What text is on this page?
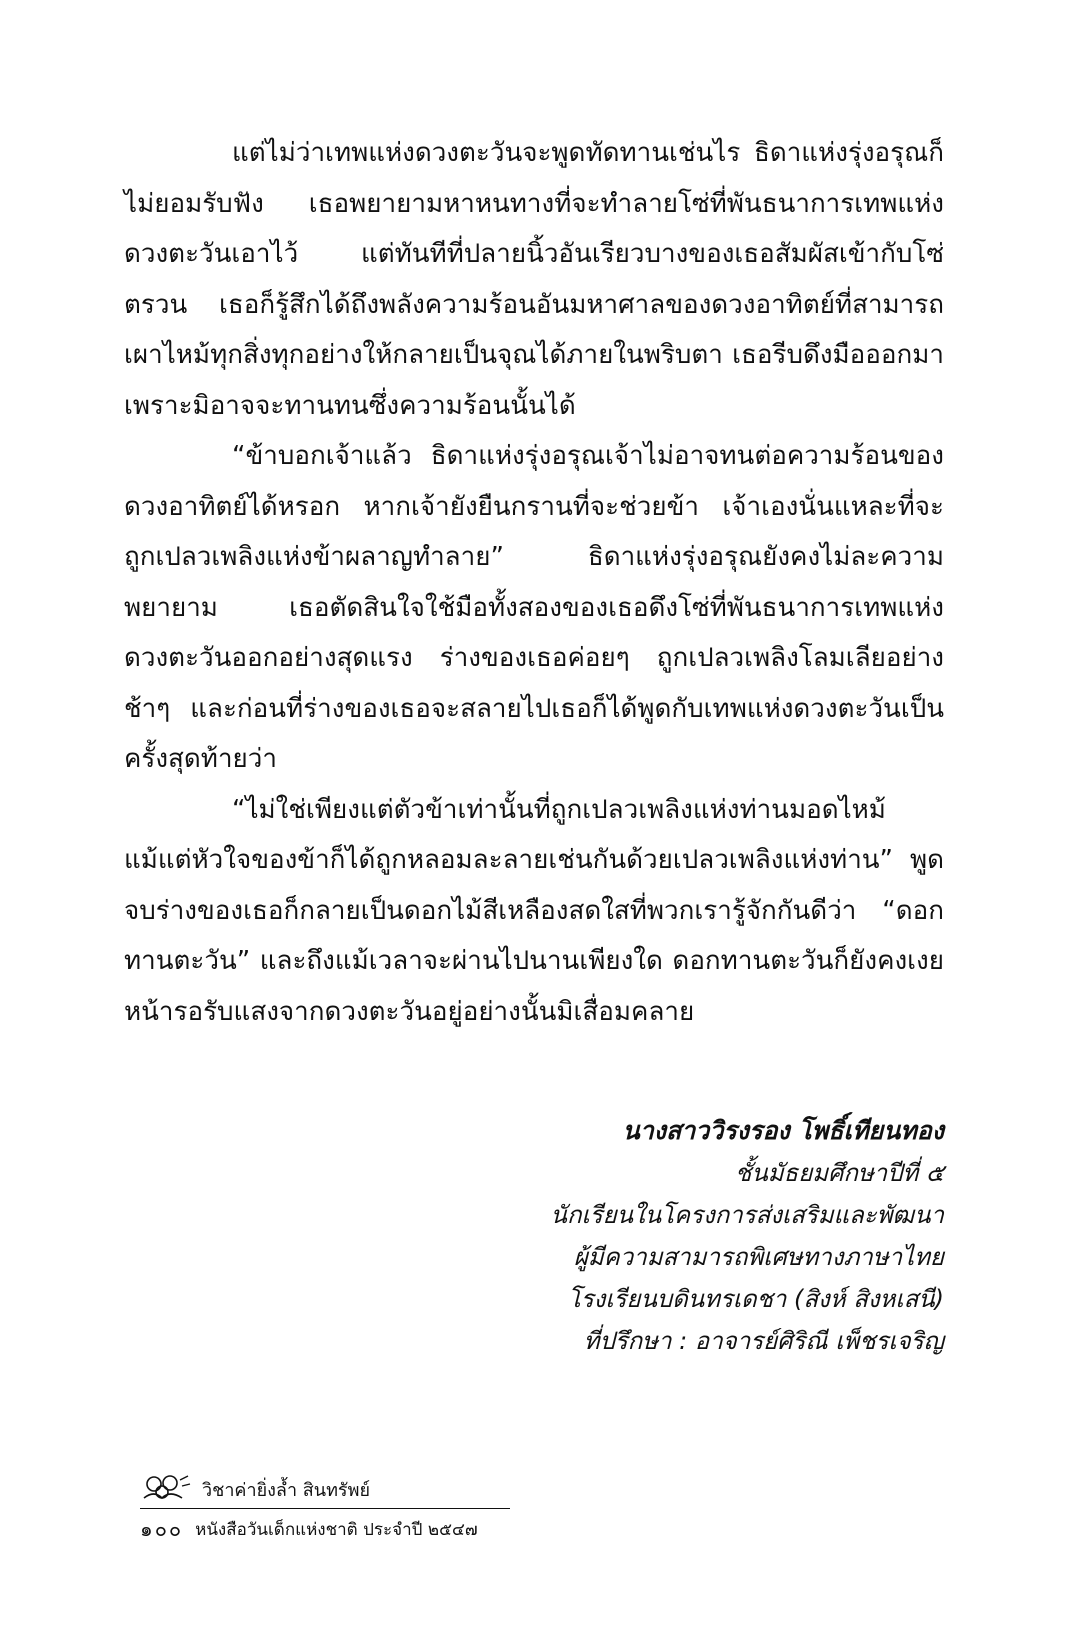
แต่ไม่ว่าเทพแห่งดวงตะวันจะพูดทัดทานเช่นไร ธิดาแห่งรุ่งอรุณก็ไม่ยอมรับฟัง เธอพยายามหาหนทางที่จะทำลายโซ่ที่พันธนาการเทพแห่งดวงตะวันเอาไว้ แต่ทันทีที่ปลายนิ้วอันเรียวบางของเธอสัมผัสเข้ากับโซ่ตรวน เธอก็รู้สึกได้ถึงพลังความร้อนอันมหาศาลของดวงอาทิตย์ที่สามารถเผาไหม้ทุกสิ่งทุกอย่างให้กลายเป็นจุณได้ภายในพริบตา เธอรีบดึงมือออกมาเพราะมิอาจจะทานทนซึ่งความร้อนนั้นได้

“ข้าบอกเจ้าแล้ว ธิดาแห่งรุ่งอรุณเจ้าไม่อาจทนต่อความร้อนของดวงอาทิตย์ได้หรอก หากเจ้ายังยืนกรานที่จะช่วยข้า เจ้าเองนั่นแหละที่จะถูกเปลวเพลิงแห่งข้าผลาญทำลาย” ธิดาแห่งรุ่งอรุณยังคงไม่ละความพยายาม เธอตัดสินใจใช้มือทั้งสองของเธอดึงโซ่ที่พันธนาการเทพแห่งดวงตะวันออกอย่างสุดแรง ร่างของเธอค่อยๆ ถูกเปลวเพลิงโลมเลียอย่างช้าๆ และก่อนที่ร่างของเธอจะสลายไปเธอก็ได้พูดกับเทพแห่งดวงตะวันเป็นครั้งสุดท้ายว่า

“ไม่ใช่เพียงแต่ตัวข้าเท่านั้นที่ถูกเปลวเพลิงแห่งท่านมอดไหม้ แม้แต่หัวใจของข้าก็ได้ถูกหลอมละลายเช่นกันด้วยเปลวเพลิงแห่งท่าน” พูดจบร่างของเธอก็กลายเป็นดอกไม้สีเหลืองสดใสที่พวกเรารู้จักกันดีว่า “ดอกทานตะวัน” และถึงแม้เวลาจะผ่านไปนานเพียงใด ดอกทานตะวันก็ยังคงเงยหน้ารอรับแสงจากดวงตะวันอยู่อย่างนั้นมิเสื่อมคลาย

นางสาววิรงรอง โพธิ์เทียนทอง
ชั้นมัธยมศึกษาปีที่ ๕
นักเรียนในโครงการส่งเสริมและพัฒนา
ผู้มีความสามารถพิเศษทางภาษาไทย
โรงเรียนบดินทรเดชา (สิงห์ สิงหเสนี)
ที่ปรึกษา : อาจารย์ศิริณี เพ็ชรเจริญ
วิชาค่ายิ่งล้ำ สินทรัพย์
๑๐๐ หนังสือวันเด็กแห่งชาติ ประจำปี ๒๕๔๗
